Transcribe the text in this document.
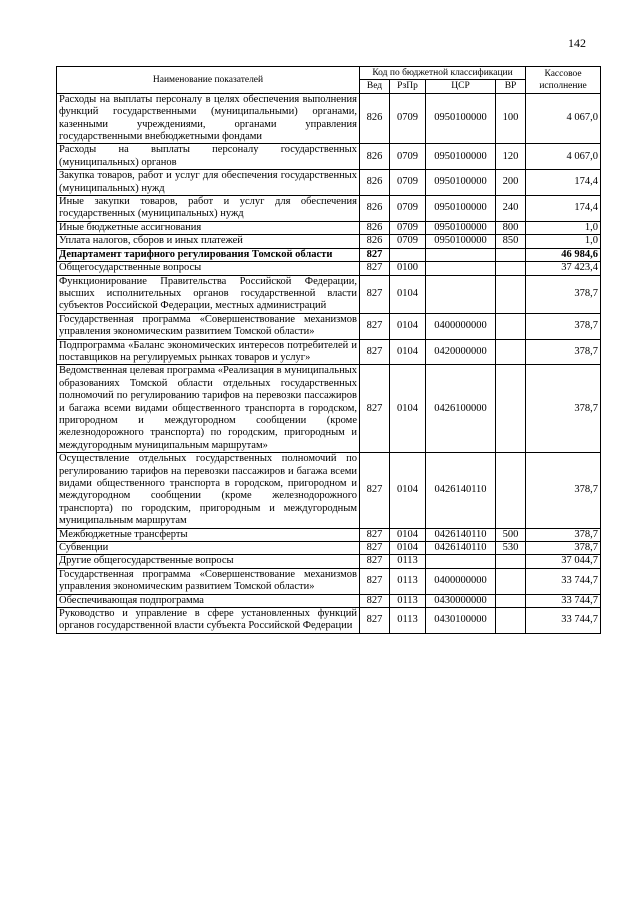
142
Наименование показателей	Код по бюджетной классификации				Кассовое исполнение
	Вед	РзПр	ЦСР	ВР	
Расходы на выплаты персоналу в целях обеспечения выполнения функций государственными (муниципальными) органами, казенными учреждениями, органами управления государственными внебюджетными фондами	826	0709	0950100000	100	4 067,0
Расходы на выплаты персоналу государственных (муниципальных) органов	826	0709	0950100000	120	4 067,0
Закупка товаров, работ и услуг для обеспечения государственных (муниципальных) нужд	826	0709	0950100000	200	174,4
Иные закупки товаров, работ и услуг для обеспечения государственных (муниципальных) нужд	826	0709	0950100000	240	174,4
Иные бюджетные ассигнования	826	0709	0950100000	800	1,0
Уплата налогов, сборов и иных платежей	826	0709	0950100000	850	1,0
Департамент тарифного регулирования Томской области	827				46 984,6
Общегосударственные вопросы	827	0100			37 423,4
Функционирование Правительства Российской Федерации, высших исполнительных органов государственной власти субъектов Российской Федерации, местных администраций	827	0104			378,7
Государственная программа «Совершенствование механизмов управления экономическим развитием Томской области»	827	0104	0400000000		378,7
Подпрограмма «Баланс экономических интересов потребителей и поставщиков на регулируемых рынках товаров и услуг»	827	0104	0420000000		378,7
Ведомственная целевая программа «Реализация в муниципальных образованиях Томской области отдельных государственных полномочий по регулированию тарифов на перевозки пассажиров и багажа всеми видами общественного транспорта в городском, пригородном и междугородном сообщении (кроме железнодорожного транспорта) по городским, пригородным и междугородным муниципальным маршрутам»	827	0104	0426100000		378,7
Осуществление отдельных государственных полномочий по регулированию тарифов на перевозки пассажиров и багажа всеми видами общественного транспорта в городском, пригородном и междугородном сообщении (кроме железнодорожного транспорта) по городским, пригородным и междугородным муниципальным маршрутам	827	0104	0426140110		378,7
Межбюджетные трансферты	827	0104	0426140110	500	378,7
Субвенции	827	0104	0426140110	530	378,7
Другие общегосударственные вопросы	827	0113			37 044,7
Государственная программа «Совершенствование механизмов управления экономическим развитием Томской области»	827	0113	0400000000		33 744,7
Обеспечивающая подпрограмма	827	0113	0430000000		33 744,7
Руководство и управление в сфере установленных функций органов государственной власти субъекта Российской Федерации	827	0113	0430100000		33 744,7
